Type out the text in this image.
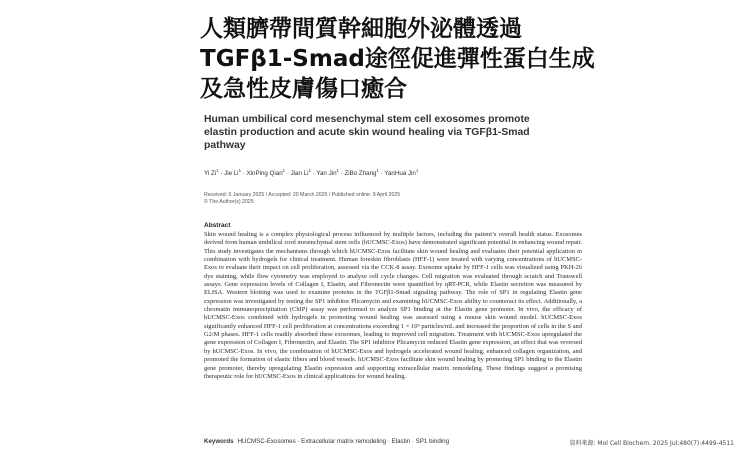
人類臍帶間質幹細胞外泌體透過
TGFβ1-Smad途徑促進彈性蛋白生成
及急性皮膚傷口癒合
Human umbilical cord mesenchymal stem cell exosomes promote
elastin production and acute skin wound healing via TGFβ1-Smad
pathway
Yi $Zi^1$ · Jie $Li^1$ · XinPing Qian$^1$ · Jian $Li^1$ · Yan Jin$^1$ · ZiBo Zhang$^1$ · YanHua Jin$^1$
Received: 6 January 2025 / Accepted: 20 March 2025 / Published online: 9 April 2025
© The Author(s) 2025
Abstract

Skin wound healing is a complex physiological process influenced by multiple factors, including the patient’s overall health status. Exosomes derived from human umbilical cord mesenchymal stem cells (hUCMSC-Exos) have demonstrated significant potential in enhancing wound repair. This study investigates the mechanisms through which hUCMSC-Exos facilitate skin wound healing and evaluates their potential application in combination with hydrogels for clinical treatment. Human foreskin fibroblasts (HFF-1) were treated with varying concentrations of hUCMSC-Exos to evaluate their impact on cell proliferation, assessed via the CCK-8 assay. Exosome uptake by HFF-1 cells was visualized using PKH-26 dye staining, while flow cytometry was employed to analyze cell cycle changes. Cell migration was evaluated through scratch and Transwell assays. Gene expression levels of Collagen I, Elastin, and Fibronectin were quantified by qRT-PCR, while Elastin secretion was measured by ELISA. Western blotting was used to examine proteins in the TGFβ1-Smad signaling pathway. The role of SP1 in regulating Elastin gene expression was investigated by testing the SP1 inhibitor Plicamycin and examining hUCMSC-Exos ability to counteract its effect. Additionally, a chromatin immunoprecipitation (ChIP) assay was performed to analyze SP1 binding at the Elastin gene promoter. In vivo, the efficacy of hUCMSC-Exos combined with hydrogels in promoting wound healing was assessed using a mouse skin wound model. hUCMSC-Exos significantly enhanced HFF-1 cell proliferation at concentrations exceeding 1 × 10⁹ particles/mL and increased the proportion of cells in the S and G2/M phases. HFF-1 cells readily absorbed these exosomes, leading to improved cell migration. Treatment with hUCMSC-Exos upregulated the gene expression of Collagen I, Fibronectin, and Elastin. The SP1 inhibitor Plicamycin reduced Elastin gene expression, an effect that was reversed by hUCMSC-Exos. In vivo, the combination of hUCMSC-Exos and hydrogels accelerated wound healing, enhanced collagen organization, and promoted the formation of elastic fibers and blood vessels. hUCMSC-Exos facilitate skin wound healing by promoting SP1 binding to the Elastin gene promoter, thereby upregulating Elastin expression and supporting extracellular matrix remodeling. These findings suggest a promising therapeutic role for hUCMSC-Exos in clinical applications for wound healing.

Keywords HUCMSC-Exosomes · Extracellular matrix remodeling · Elastin · SP1 binding	資料來源: Mol Cell Biochem. 2025 Jul;480(7):4499-4511
